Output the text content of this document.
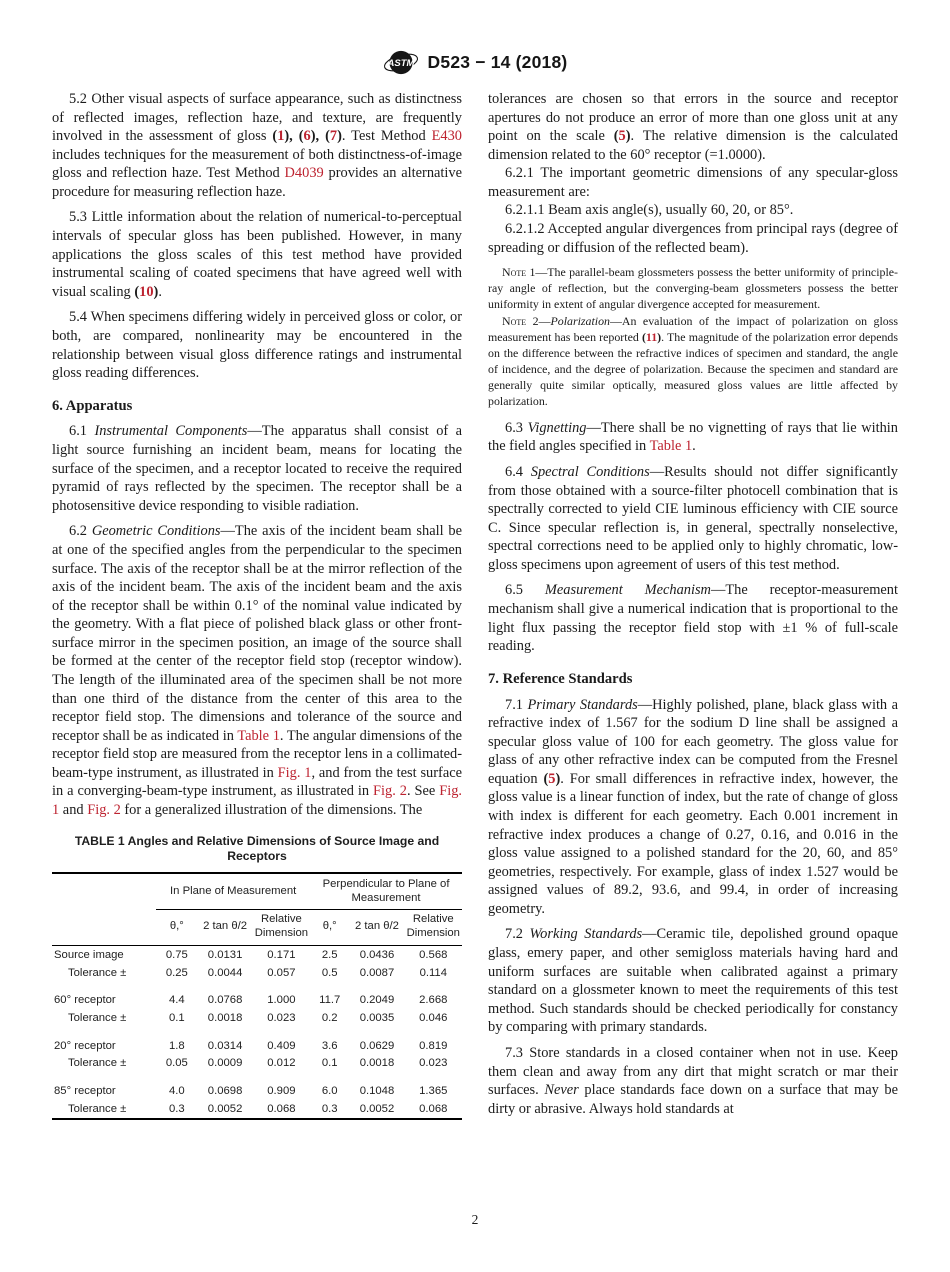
ASTM D523 − 14 (2018)

5.2 Other visual aspects of surface appearance, such as distinctness of reflected images, reflection haze, and texture, are frequently involved in the assessment of gloss (1), (6), (7). Test Method E430 includes techniques for the measurement of both distinctness-of-image gloss and reflection haze. Test Method D4039 provides an alternative procedure for measuring reflection haze.

5.3 Little information about the relation of numerical-to-perceptual intervals of specular gloss has been published. However, in many applications the gloss scales of this test method have provided instrumental scaling of coated specimens that have agreed well with visual scaling (10).

5.4 When specimens differing widely in perceived gloss or color, or both, are compared, nonlinearity may be encountered in the relationship between visual gloss difference ratings and instrumental gloss reading differences.

6. Apparatus

6.1 Instrumental Components—The apparatus shall consist of a light source furnishing an incident beam, means for locating the surface of the specimen, and a receptor located to receive the required pyramid of rays reflected by the specimen. The receptor shall be a photosensitive device responding to visible radiation.

6.2 Geometric Conditions—The axis of the incident beam shall be at one of the specified angles from the perpendicular to the specimen surface. The axis of the receptor shall be at the mirror reflection of the axis of the incident beam. The axis of the incident beam and the axis of the receptor shall be within 0.1° of the nominal value indicated by the geometry. With a flat piece of polished black glass or other front-surface mirror in the specimen position, an image of the source shall be formed at the center of the receptor field stop (receptor window). The length of the illuminated area of the specimen shall be not more than one third of the distance from the center of this area to the receptor field stop. The dimensions and tolerance of the source and receptor shall be as indicated in Table 1. The angular dimensions of the receptor field stop are measured from the receptor lens in a collimated-beam-type instrument, as illustrated in Fig. 1, and from the test surface in a converging-beam-type instrument, as illustrated in Fig. 2. See Fig. 1 and Fig. 2 for a generalized illustration of the dimensions. The

TABLE 1 Angles and Relative Dimensions of Source Image and Receptors
	In Plane of Measurement			Perpendicular to Plane of Measurement		
	θ,°	2 tan θ/2	Relative Dimension	θ,°	2 tan θ/2	Relative Dimension
Source image	0.75	0.0131	0.171	2.5	0.0436	0.568
Tolerance ±	0.25	0.0044	0.057	0.5	0.0087	0.114

60° receptor	4.4	0.0768	1.000	11.7	0.2049	2.668
Tolerance ±	0.1	0.0018	0.023	0.2	0.0035	0.046

20° receptor	1.8	0.0314	0.409	3.6	0.0629	0.819
Tolerance ±	0.05	0.0009	0.012	0.1	0.0018	0.023

85° receptor	4.0	0.0698	0.909	6.0	0.1048	1.365
Tolerance ±	0.3	0.0052	0.068	0.3	0.0052	0.068

tolerances are chosen so that errors in the source and receptor apertures do not produce an error of more than one gloss unit at any point on the scale (5). The relative dimension is the calculated dimension related to the 60° receptor (=1.0000).

6.2.1 The important geometric dimensions of any specular-gloss measurement are:

6.2.1.1 Beam axis angle(s), usually 60, 20, or 85°.

6.2.1.2 Accepted angular divergences from principal rays (degree of spreading or diffusion of the reflected beam).

Note 1—The parallel-beam glossmeters possess the better uniformity of principle-ray angle of reflection, but the converging-beam glossmeters possess the better uniformity in extent of angular divergence accepted for measurement.
Note 2—Polarization—An evaluation of the impact of polarization on gloss measurement has been reported (11). The magnitude of the polarization error depends on the difference between the refractive indices of specimen and standard, the angle of incidence, and the degree of polarization. Because the specimen and standard are generally quite similar optically, measured gloss values are little affected by polarization.

6.3 Vignetting—There shall be no vignetting of rays that lie within the field angles specified in Table 1.

6.4 Spectral Conditions—Results should not differ significantly from those obtained with a source-filter photocell combination that is spectrally corrected to yield CIE luminous efficiency with CIE source C. Since specular reflection is, in general, spectrally nonselective, spectral corrections need to be applied only to highly chromatic, low-gloss specimens upon agreement of users of this test method.

6.5 Measurement Mechanism—The receptor-measurement mechanism shall give a numerical indication that is proportional to the light flux passing the receptor field stop with ±1 % of full-scale reading.

7. Reference Standards

7.1 Primary Standards—Highly polished, plane, black glass with a refractive index of 1.567 for the sodium D line shall be assigned a specular gloss value of 100 for each geometry. The gloss value for glass of any other refractive index can be computed from the Fresnel equation (5). For small differences in refractive index, however, the gloss value is a linear function of index, but the rate of change of gloss with index is different for each geometry. Each 0.001 increment in refractive index produces a change of 0.27, 0.16, and 0.016 in the gloss value assigned to a polished standard for the 20, 60, and 85° geometries, respectively. For example, glass of index 1.527 would be assigned values of 89.2, 93.6, and 99.4, in order of increasing geometry.

7.2 Working Standards—Ceramic tile, depolished ground opaque glass, emery paper, and other semigloss materials having hard and uniform surfaces are suitable when calibrated against a primary standard on a glossmeter known to meet the requirements of this test method. Such standards should be checked periodically for constancy by comparing with primary standards.

7.3 Store standards in a closed container when not in use. Keep them clean and away from any dirt that might scratch or mar their surfaces. Never place standards face down on a surface that may be dirty or abrasive. Always hold standards at

2
